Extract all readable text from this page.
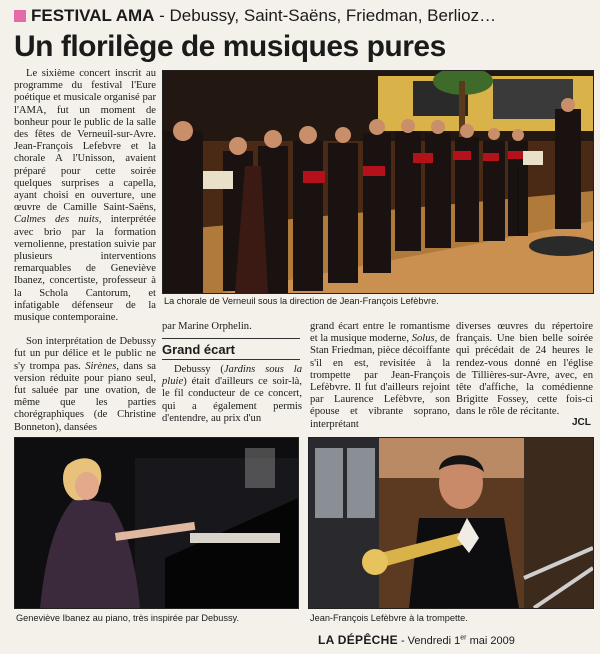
FESTIVAL AMA - Debussy, Saint-Saëns, Friedman, Berlioz…
Un florilège de musiques pures

Le sixième concert inscrit au programme du festival l'Eure poétique et musicale organisé par l'AMA, fut un moment de bonheur pour le public de la salle des fêtes de Verneuil-sur-Avre. Jean-François Lefebvre et la chorale A l'Unisson, avaient préparé pour cette soirée quelques surprises a capella, ayant choisi en ouverture, une œuvre de Camille Saint-Saëns, Calmes des nuits, interprétée avec brio par la formation vernolienne, prestation suivie par plusieurs interventions remarquables de Geneviève Ibanez, concertiste, professeur à la Schola Cantorum, et infatigable défenseur de la musique contemporaine.

Son interprétation de Debussy fut un pur délice et le public ne s'y trompa pas. Sirènes, dans sa version réduite pour piano seul, fut saluée par une ovation, de même que les parties chorégraphiques (de Christine Bonneton), dansées

La chorale de Verneuil sous la direction de Jean-François Lefèbvre.

par Marine Orphelin.

Grand écart

Debussy (Jardins sous la pluie) était d'ailleurs ce soir-là, le fil conducteur de ce concert, qui a également permis d'entendre, au prix d'un

grand écart entre le romantisme et la musique moderne, Solus, de Stan Friedman, pièce décoiffante s'il en est, revisitée à la trompette par Jean-François Lefèbvre. Il fut d'ailleurs rejoint par Laurence Lefèbvre, son épouse et vibrante soprano, interprétant

diverses œuvres du répertoire français. Une bien belle soirée qui précédait de 24 heures le rendez-vous donné en l'église de Tillières-sur-Avre, avec, en tête d'affiche, la comédienne Brigitte Fossey, cette fois-ci dans le rôle de récitante.

JCL
Geneviève Ibanez au piano, très inspirée par Debussy.	Jean-François Lefèbvre à la trompette.
LA DÉPÊCHE - Vendredi 1er mai 2009
